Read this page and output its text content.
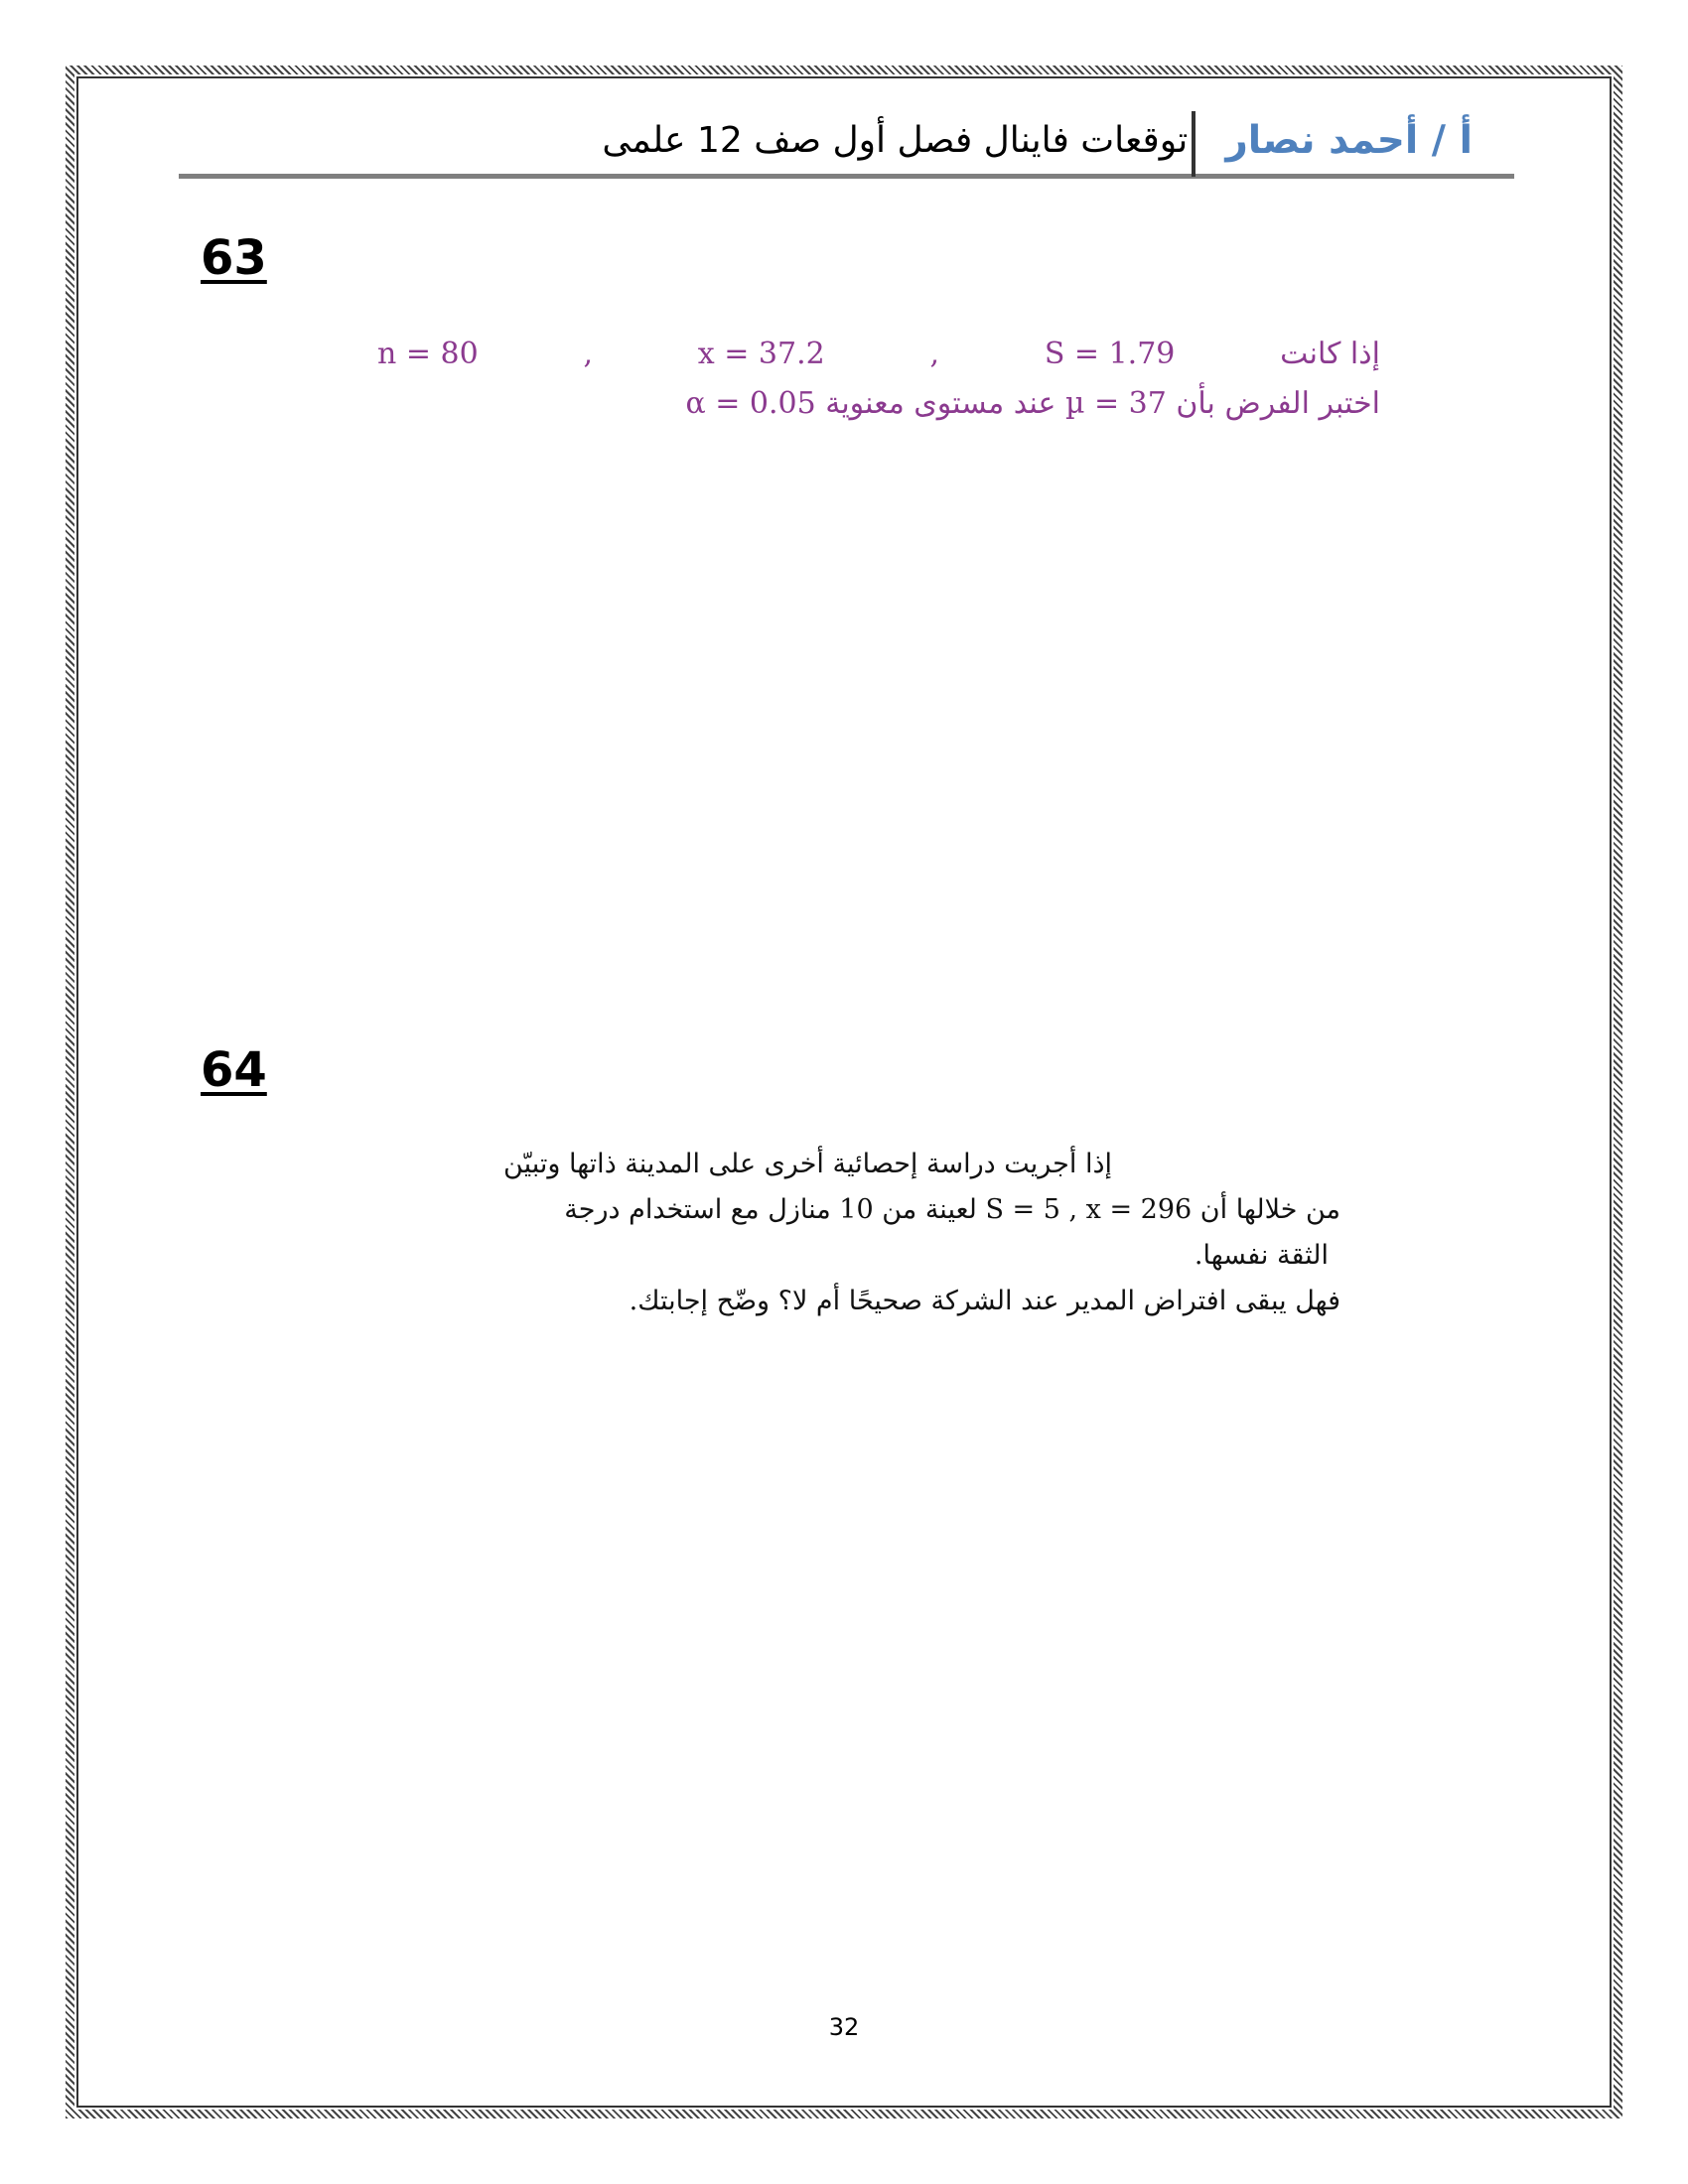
أ / أحمد نصار
توقعات فاينال فصل أول صف 12 علمى
63
n = 80	,	x = 37.2	,	S = 1.79	إذا كانت
اختبر الفرض بأن µ = 37 عند مستوى معنوية α = 0.05
64
إذا أجريت دراسة إحصائية أخرى على المدينة ذاتها وتبيّن
من خلالها أن S = 5 , x = 296 لعينة من 10 منازل مع استخدام درجة
الثقة نفسها.
فهل يبقى افتراض المدير عند الشركة صحيحًا أم لا؟ وضّح إجابتك.
32
